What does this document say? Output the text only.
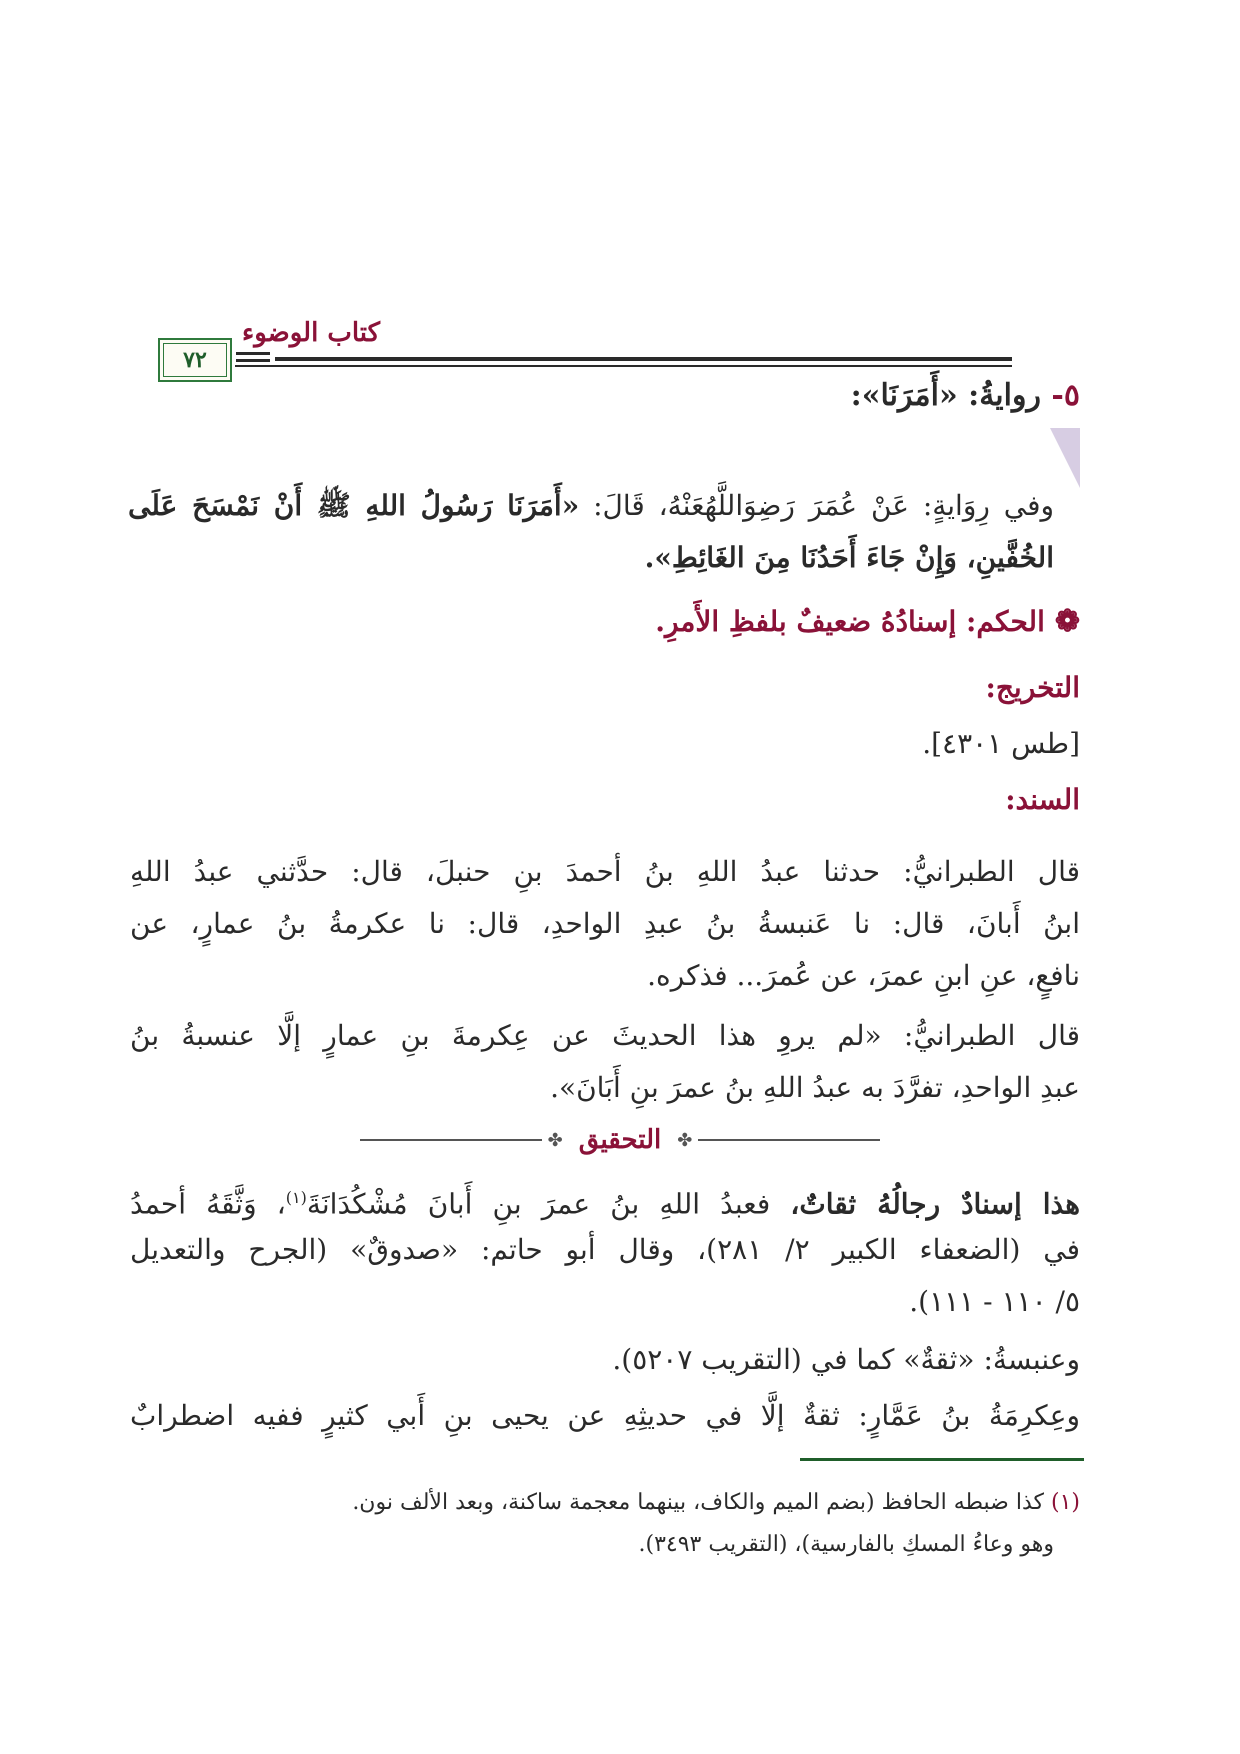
كتاب الوضوء
٧٢
٥- روايةُ: «أَمَرَنَا»:
وفي رِوَايةٍ: عَنْ عُمَرَ رَضِوَاللَّهُعَنْهُ، قَالَ: «أَمَرَنَا رَسُولُ اللهِ ﷺ أَنْ نَمْسَحَ عَلَى
الخُفَّينِ، وَإِنْ جَاءَ أَحَدُنَا مِنَ الغَائِطِ».
❁الحكم: إسنادُهُ ضعيفٌ بلفظِ الأَمرِ.
التخريج:
[طس ٤٣٠١].
السند:
قال الطبرانيُّ: حدثنا عبدُ اللهِ بنُ أحمدَ بنِ حنبلَ، قال: حدَّثني عبدُ اللهِ
ابنُ أَبانَ، قال: نا عَنبسةُ بنُ عبدِ الواحدِ، قال: نا عكرمةُ بنُ عمارٍ، عن
نافعٍ، عنِ ابنِ عمرَ، عن عُمرَ... فذكره.
قال الطبرانيُّ: «لم يروِ هذا الحديثَ عن عِكرمةَ بنِ عمارٍ إلَّا عنسبةُ بنُ
عبدِ الواحدِ، تفرَّدَ به عبدُ اللهِ بنُ عمرَ بنِ أَبَانَ».
✤
التحقيق
✤
هذا إسنادٌ رجالُهُ ثقاتٌ، فعبدُ اللهِ بنُ عمرَ بنِ أَبانَ مُشْكُدَانَةَ$^{(١)}$، وَثَّقَهُ أحمدُ
في (الضعفاء الكبير ٢/ ٢٨١)، وقال أبو حاتم: «صدوقٌ» (الجرح والتعديل
٥/ ١١٠ - ١١١).
وعنبسةُ: «ثقةٌ» كما في (التقريب ٥٢٠٧).
وعِكرِمَةُ بنُ عَمَّارٍ: ثقةٌ إلَّا في حديثِهِ عن يحيى بنِ أَبي كثيرٍ ففيه اضطرابٌ
(١) كذا ضبطه الحافظ (بضم الميم والكاف، بينهما معجمة ساكنة، وبعد الألف نون.
وهو وعاءُ المسكِ بالفارسية)، (التقريب ٣٤٩٣).
